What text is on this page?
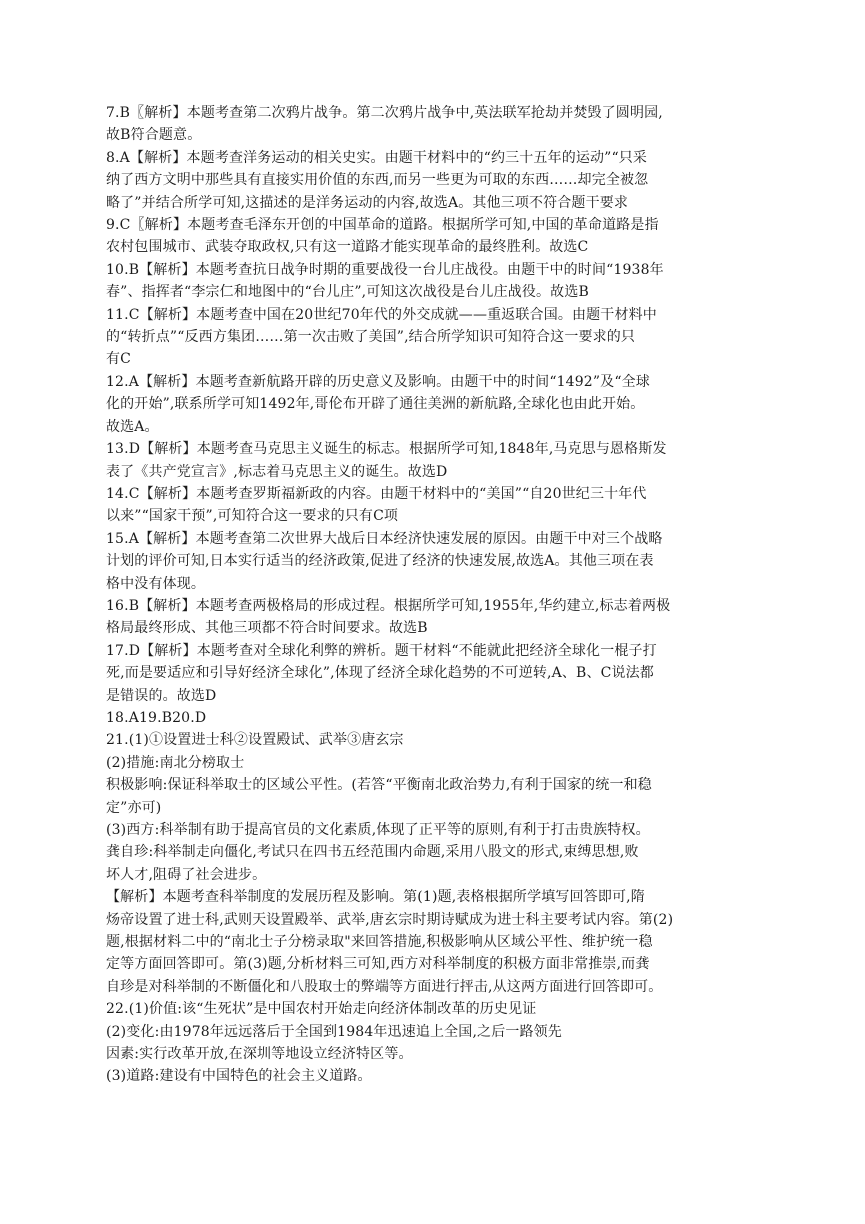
7.B〖解析】本题考查第二次鸦片战争。第二次鸦片战争中,英法联军抢劫并焚毁了圆明园,

故B符合题意。

8.A【解析】本题考查洋务运动的相关史实。由题干材料中的“约三十五年的运动”“只采

纳了西方文明中那些具有直接实用价值的东西,而另一些更为可取的东西……却完全被忽

略了”并结合所学可知,这描述的是洋务运动的内容,故选A。其他三项不符合题干要求

9.C〖解析】本题考查毛泽东开创的中国革命的道路。根据所学可知,中国的革命道路是指

农村包围城市、武装夺取政权,只有这一道路才能实现革命的最终胜利。故选C

10.B【解析】本题考查抗日战争时期的重要战役一台儿庄战役。由题干中的时间“1938年

春”、指挥者“李宗仁和地图中的“台儿庄”,可知这次战役是台儿庄战役。故选B

11.C【解析】本题考查中国在20世纪70年代的外交成就——重返联合国。由题干材料中

的“转折点”“反西方集团……第一次击败了美国”,结合所学知识可知符合这一要求的只

有C

12.A【解析】本题考查新航路开辟的历史意义及影响。由题干中的时间“1492”及“全球

化的开始”,联系所学可知1492年,哥伦布开辟了通往美洲的新航路,全球化也由此开始。

故选A。

13.D【解析】本题考查马克思主义诞生的标志。根据所学可知,1848年,马克思与恩格斯发

表了《共产党宣言》,标志着马克思主义的诞生。故选D

14.C【解析】本题考查罗斯福新政的内容。由题干材料中的“美国”“自20世纪三十年代

以来”“国家干预”,可知符合这一要求的只有C项

15.A【解析】本题考查第二次世界大战后日本经济快速发展的原因。由题干中对三个战略

计划的评价可知,日本实行适当的经济政策,促进了经济的快速发展,故选A。其他三项在表

格中没有体现。

16.B【解析】本题考查两极格局的形成过程。根据所学可知,1955年,华约建立,标志着两极

格局最终形成、其他三项都不符合时间要求。故选B

17.D【解析】本题考查对全球化利弊的辨析。题干材料“不能就此把经济全球化一棍子打

死,而是要适应和引导好经济全球化”,体现了经济全球化趋势的不可逆转,A、B、C说法都

是错误的。故选D

18.A19.B20.D

21.(1)①设置进士科②设置殿试、武举③唐玄宗

(2)措施:南北分榜取士

积极影响:保证科举取士的区域公平性。(若答“平衡南北政治势力,有利于国家的统一和稳

定”亦可)

(3)西方:科举制有助于提高官员的文化素质,体现了正平等的原则,有利于打击贵族特权。

龚自珍:科举制走向僵化,考试只在四书五经范围内命题,采用八股文的形式,束缚思想,败

坏人才,阻碍了社会进步。

【解析】本题考查科举制度的发展历程及影响。第(1)题,表格根据所学填写回答即可,隋

炀帝设置了进士科,武则天设置殿举、武举,唐玄宗时期诗赋成为进士科主要考试内容。第(2)

题,根据材料二中的“南北士子分榜录取"来回答措施,积极影响从区域公平性、维护统一稳

定等方面回答即可。第(3)题,分析材料三可知,西方对科举制度的积极方面非常推崇,而龚

自珍是对科举制的不断僵化和八股取士的弊端等方面进行抨击,从这两方面进行回答即可。

22.(1)价值:该“生死状”是中国农村开始走向经济体制改革的历史见证

(2)变化:由1978年远远落后于全国到1984年迅速追上全国,之后一路领先

因素:实行改革开放,在深圳等地设立经济特区等。

(3)道路:建设有中国特色的社会主义道路。
